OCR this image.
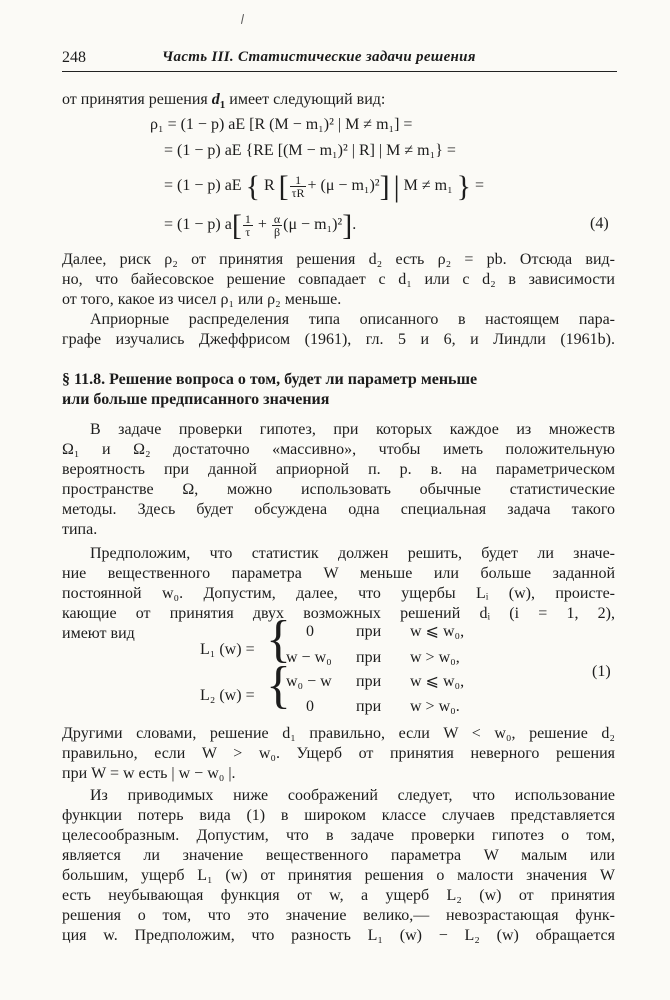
248	Часть III. Статистические задачи решения
от принятия решения $d_1$ имеет следующий вид:
ρ₁ = (1 − p) aE [R (M − m₁)² | M ≠ m₁] =
= (1 − p) aE {RE [(M − m₁)² | R] | M ≠ m₁} =
= (1 − p) aE { R [ $\frac{1}{\tau R} + (\mu - m_1)^2$] | M ≠ m₁ } =
= (1 − p) $a[ \frac{1}{\tau} + \frac{\alpha}{\beta} (\mu - m_1)^2]$.	(4)
Далее, риск ρ₂ от принятия решения d₂ есть ρ₂ = pb. Отсюда вид-
но, что байесовское решение совпадает с d₁ или с d₂ в зависимости
от того, какое из чисел ρ₁ или ρ₂ меньше.
Априорные распределения типа описанного в настоящем пара-
графе изучались Джеффрисом (1961), гл. 5 и 6, и Линдли (1961b).
§ 11.8. Решение вопроса о том, будет ли параметр меньше
или больше предписанного значения
В задаче проверки гипотез, при которых каждое из множеств
Ω₁ и Ω₂ достаточно «массивно», чтобы иметь положительную
вероятность при данной априорной п. р. в. на параметрическом
пространстве Ω, можно использовать обычные статистические
методы. Здесь будет обсуждена одна специальная задача такого
типа.
Предположим, что статистик должен решить, будет ли значе-
ние вещественного параметра W меньше или больше заданной
постоянной w₀. Допустим, далее, что ущербы Lᵢ (w), происте-
кающие от принятия двух возможных решений dᵢ (i = 1, 2),
имеют вид
L₁ (w) = { 0	при w ⩽ w₀,
w − w₀ при w > w₀,
L₂ (w) = {
w₀ − w при w ⩽ w₀,
0	при w > w₀.
(1)
Другими словами, решение d₁ правильно, если W < w₀, решение d₂
правильно, если W > w₀. Ущерб от принятия неверного решения
при W = w есть | w − w₀ |.
Из приводимых ниже соображений следует, что использование
функции потерь вида (1) в широком классе случаев представляется
целесообразным. Допустим, что в задаче проверки гипотез о том,
является ли значение вещественного параметра W малым или
большим, ущерб L₁ (w) от принятия решения о малости значения W
есть неубывающая функция от w, а ущерб L₂ (w) от принятия
решения о том, что это значение велико,— невозрастающая функ-
ция w. Предположим, что разность L₁ (w) − L₂ (w) обращается
